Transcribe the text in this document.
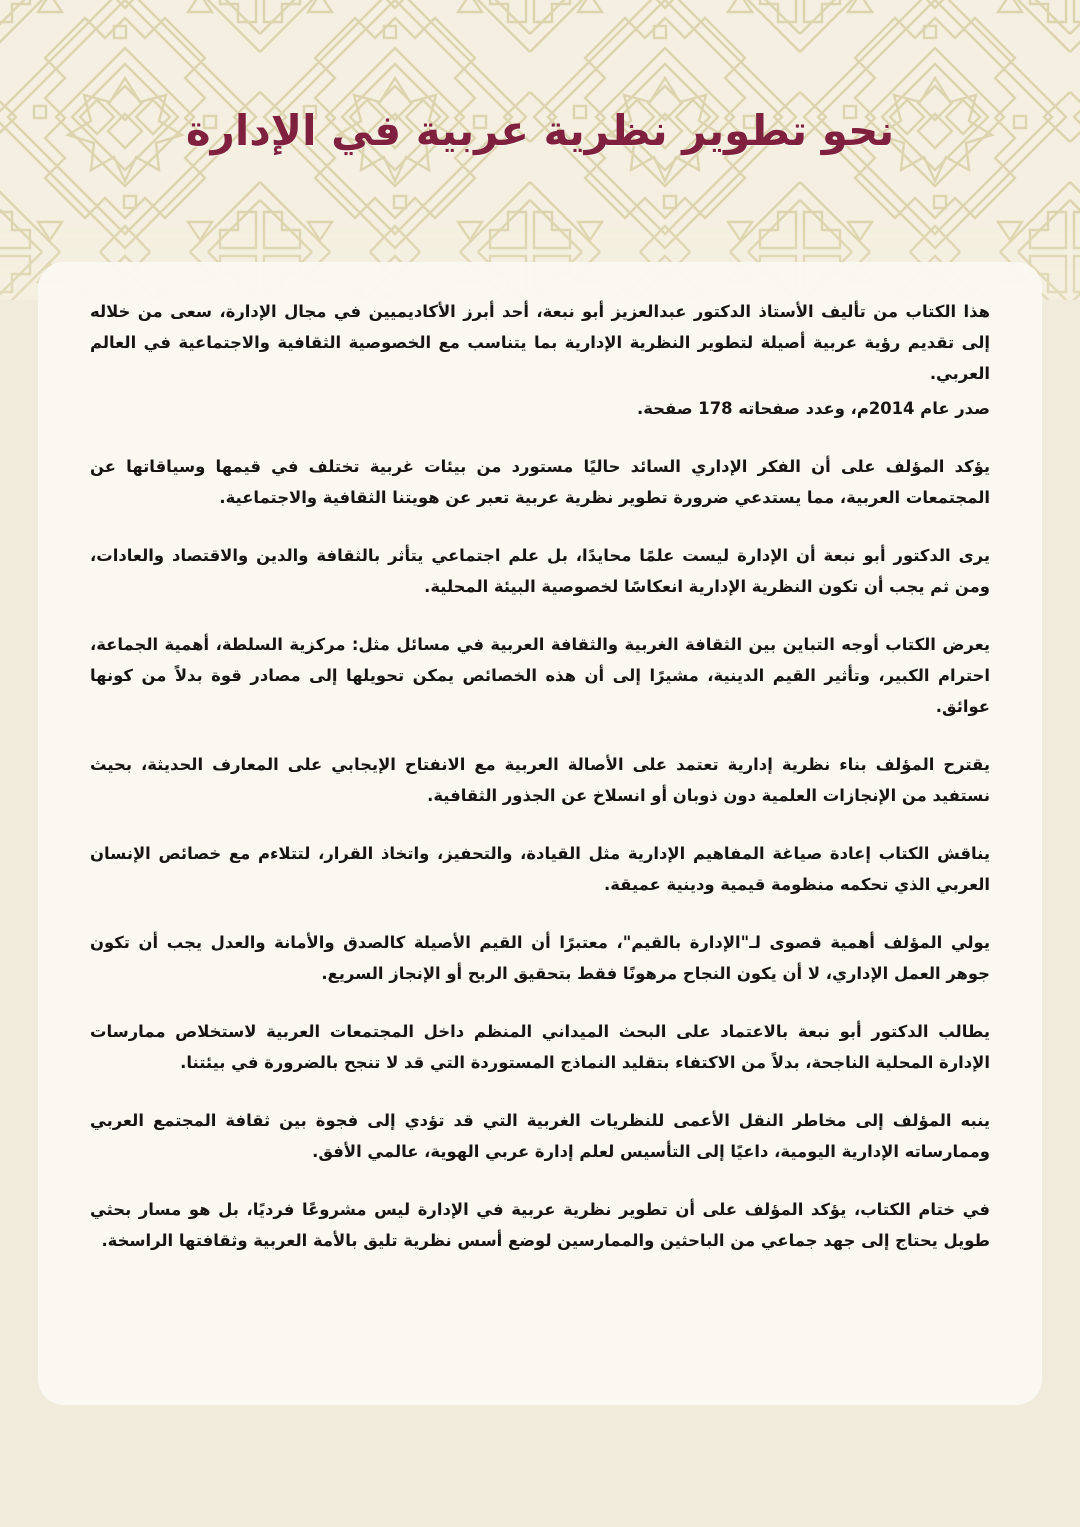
نحو تطوير نظرية عربية في الإدارة

هذا الكتاب من تأليف الأستاذ الدكتور عبدالعزيز أبو نبعة، أحد أبرز الأكاديميين في مجال الإدارة، سعى من خلاله إلى تقديم رؤية عربية أصيلة لتطوير النظرية الإدارية بما يتناسب مع الخصوصية الثقافية والاجتماعية في العالم العربي.

صدر عام 2014م، وعدد صفحاته 178 صفحة.

يؤكد المؤلف على أن الفكر الإداري السائد حاليًا مستورد من بيئات غربية تختلف في قيمها وسياقاتها عن المجتمعات العربية، مما يستدعي ضرورة تطوير نظرية عربية تعبر عن هويتنا الثقافية والاجتماعية.

يرى الدكتور أبو نبعة أن الإدارة ليست علمًا محايدًا، بل علم اجتماعي يتأثر بالثقافة والدين والاقتصاد والعادات، ومن ثم يجب أن تكون النظرية الإدارية انعكاسًا لخصوصية البيئة المحلية.

يعرض الكتاب أوجه التباين بين الثقافة الغربية والثقافة العربية في مسائل مثل: مركزية السلطة، أهمية الجماعة، احترام الكبير، وتأثير القيم الدينية، مشيرًا إلى أن هذه الخصائص يمكن تحويلها إلى مصادر قوة بدلاً من كونها عوائق.

يقترح المؤلف بناء نظرية إدارية تعتمد على الأصالة العربية مع الانفتاح الإيجابي على المعارف الحديثة، بحيث نستفيد من الإنجازات العلمية دون ذوبان أو انسلاخ عن الجذور الثقافية.

يناقش الكتاب إعادة صياغة المفاهيم الإدارية مثل القيادة، والتحفيز، واتخاذ القرار، لتتلاءم مع خصائص الإنسان العربي الذي تحكمه منظومة قيمية ودينية عميقة.

يولي المؤلف أهمية قصوى لـ"الإدارة بالقيم"، معتبرًا أن القيم الأصيلة كالصدق والأمانة والعدل يجب أن تكون جوهر العمل الإداري، لا أن يكون النجاح مرهونًا فقط بتحقيق الربح أو الإنجاز السريع.

يطالب الدكتور أبو نبعة بالاعتماد على البحث الميداني المنظم داخل المجتمعات العربية لاستخلاص ممارسات الإدارة المحلية الناجحة، بدلاً من الاكتفاء بتقليد النماذج المستوردة التي قد لا تنجح بالضرورة في بيئتنا.

ينبه المؤلف إلى مخاطر النقل الأعمى للنظريات الغربية التي قد تؤدي إلى فجوة بين ثقافة المجتمع العربي وممارساته الإدارية اليومية، داعيًا إلى التأسيس لعلم إدارة عربي الهوية، عالمي الأفق.

في ختام الكتاب، يؤكد المؤلف على أن تطوير نظرية عربية في الإدارة ليس مشروعًا فرديًا، بل هو مسار بحثي طويل يحتاج إلى جهد جماعي من الباحثين والممارسين لوضع أسس نظرية تليق بالأمة العربية وثقافتها الراسخة.
